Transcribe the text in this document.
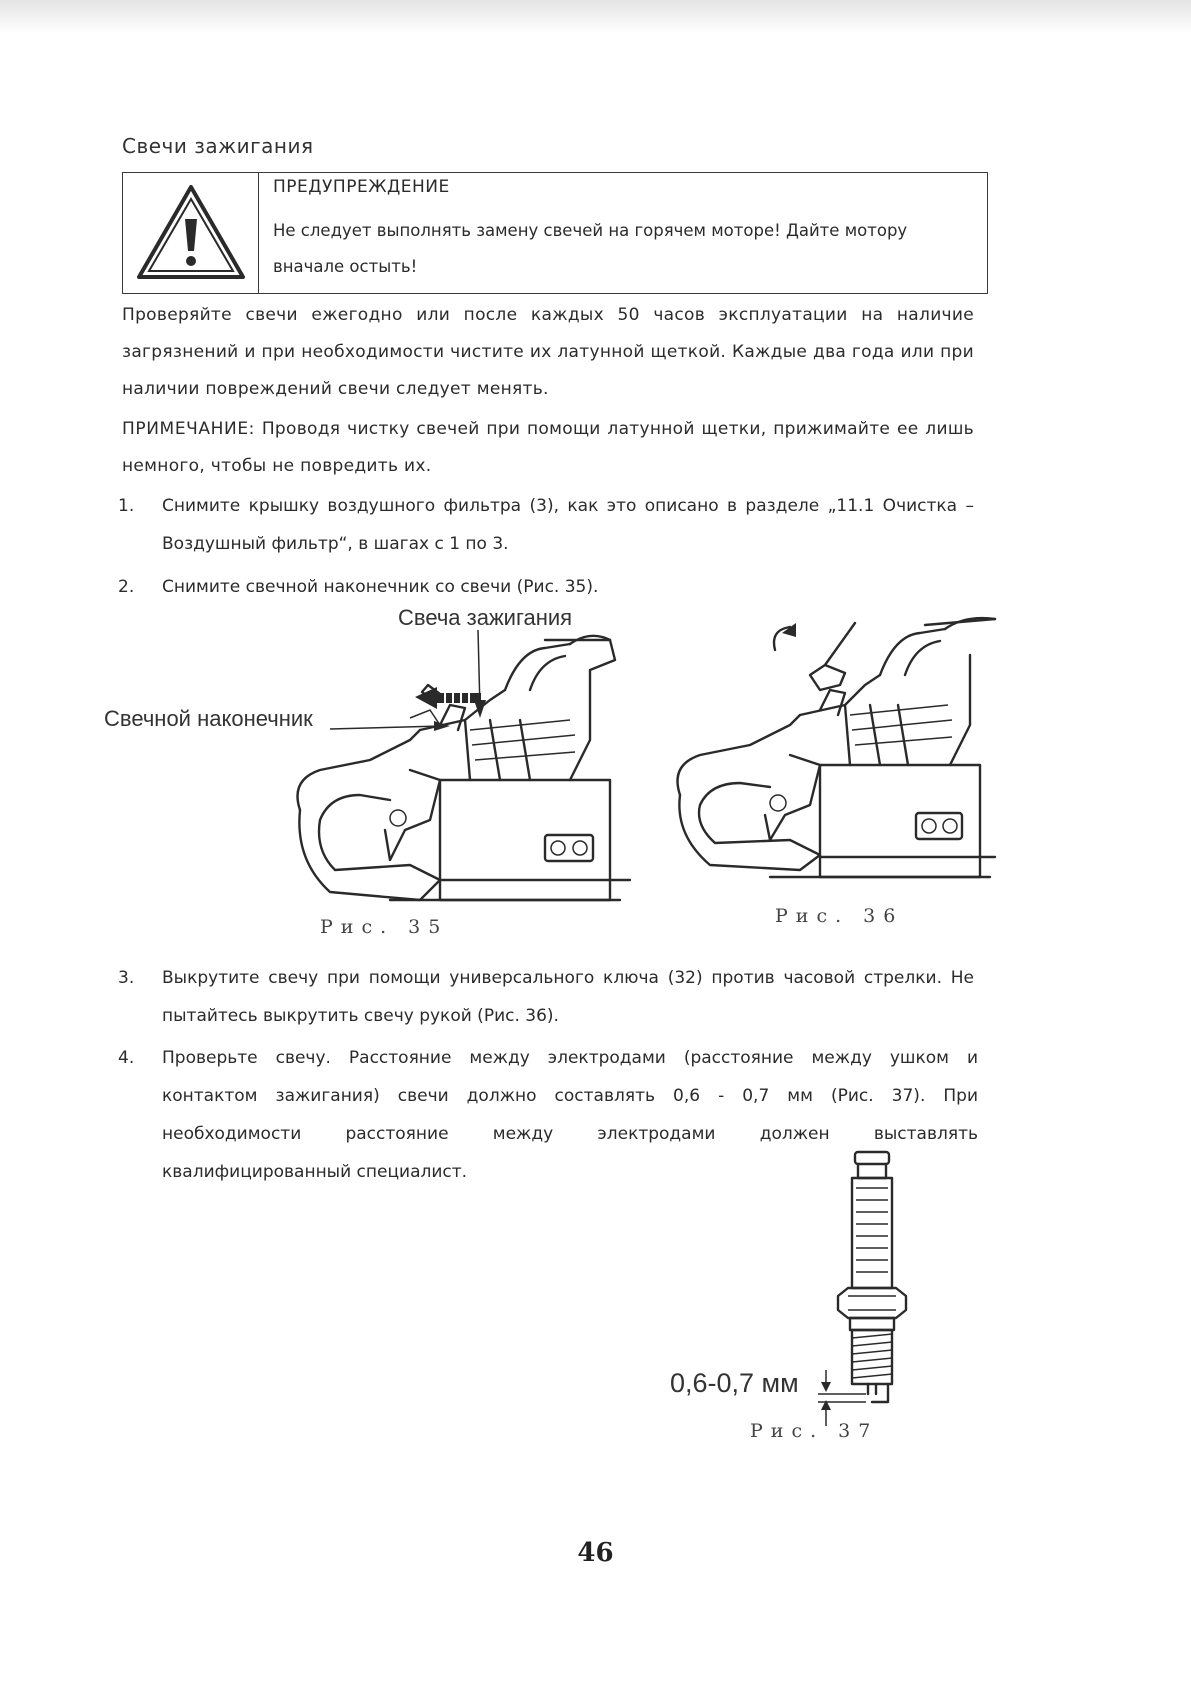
Свечи зажигания
ПРЕДУПРЕЖДЕНИЕ
Не следует выполнять замену свечей на горячем моторе! Дайте мотору вначале остыть!
Проверяйте свечи ежегодно или после каждых 50 часов эксплуатации на наличие загрязнений и при необходимости чистите их латунной щеткой. Каждые два года или при наличии повреждений свечи следует менять.
ПРИМЕЧАНИЕ: Проводя чистку свечей при помощи латунной щетки, прижимайте ее лишь немного, чтобы не повредить их.
1.	Снимите крышку воздушного фильтра (3), как это описано в разделе „11.1 Очистка – Воздушный фильтр“, в шагах с 1 по 3.
2.	Снимите свечной наконечник со свечи (Рис. 35).
Свеча зажигания
Свечной наконечник
Рис. 35	Рис. 36
3.	Выкрутите свечу при помощи универсального ключа (32) против часовой стрелки. Не пытайтесь выкрутить свечу рукой (Рис. 36).
4.	Проверьте свечу. Расстояние между электродами (расстояние между ушком и контактом зажигания) свечи должно составлять 0,6 - 0,7 мм (Рис. 37). При необходимости расстояние между электродами должен выставлять квалифицированный специалист.
0,6-0,7 мм
Рис. 37
46
